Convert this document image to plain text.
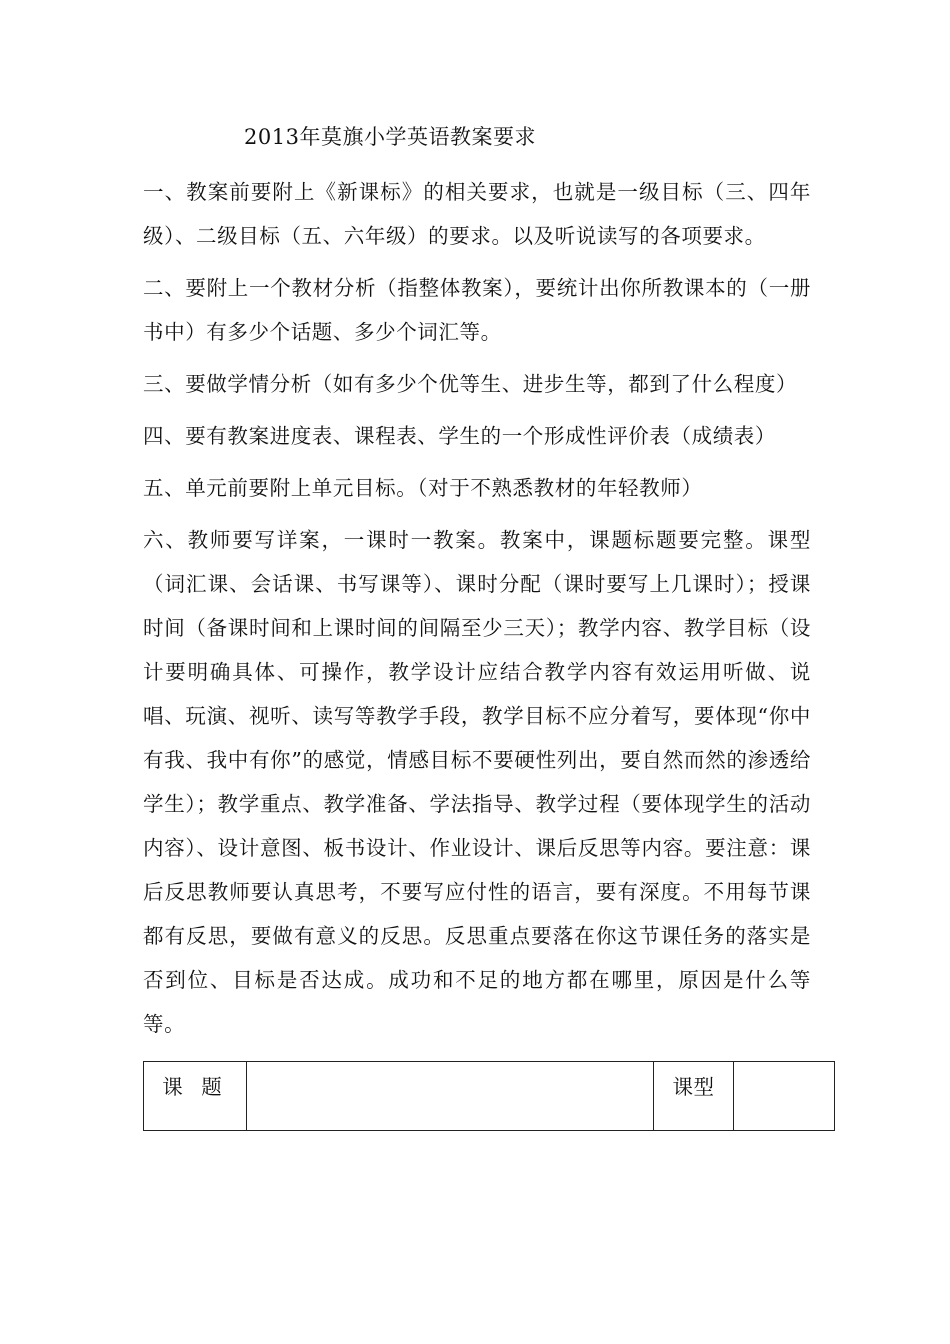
2013年莫旗小学英语教案要求

一、教案前要附上《新课标》的相关要求，也就是一级目标（三、四年级）、二级目标（五、六年级）的要求。以及听说读写的各项要求。

二、要附上一个教材分析（指整体教案），要统计出你所教课本的（一册书中）有多少个话题、多少个词汇等。

三、要做学情分析（如有多少个优等生、进步生等，都到了什么程度）

四、要有教案进度表、课程表、学生的一个形成性评价表（成绩表）

五、单元前要附上单元目标。（对于不熟悉教材的年轻教师）

六、教师要写详案，一课时一教案。教案中，课题标题要完整。课型（词汇课、会话课、书写课等）、课时分配（课时要写上几课时）；授课时间（备课时间和上课时间的间隔至少三天）；教学内容、教学目标（设计要明确具体、可操作，教学设计应结合教学内容有效运用听做、说唱、玩演、视听、读写等教学手段，教学目标不应分着写，要体现“你中有我、我中有你”的感觉，情感目标不要硬性列出，要自然而然的渗透给学生）；教学重点、教学准备、学法指导、教学过程（要体现学生的活动内容）、设计意图、板书设计、作业设计、课后反思等内容。要注意：课后反思教师要认真思考，不要写应付性的语言，要有深度。不用每节课都有反思，要做有意义的反思。反思重点要落在你这节课任务的落实是否到位、目标是否达成。成功和不足的地方都在哪里，原因是什么等等。

课 题		课型	
